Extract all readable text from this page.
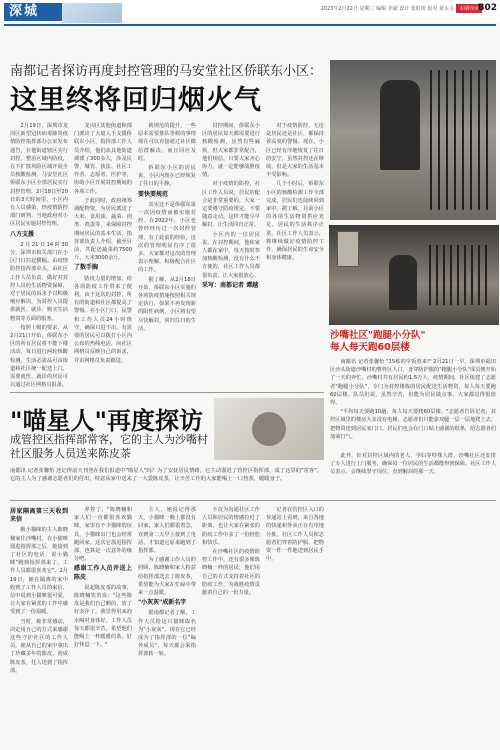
深城	2023年2月22日 星期三 编辑 李斌 设计 张虹雨 校对 黄永文 本期导读
B02
南都记者探访再度封控管理的马安堂社区侨联东小区：
这里终将回归烟火气

2月19日，深圳市龙岗区新型冠状病毒肺炎疫情防控指挥部办公室发布通告，在他街道辖区实行封控，整治区域内防疫，在不扩散风险区域开展全员核酸检测，马安堂社区侨联东小区全部居民实行封控管理。2月18日至20日的3天时间里，小区内有人员感染，经疫情防控部门研判，当地政府对小区居民实施封控管理。

八方支援

2月21日14时30分，深圳市相关部门在小区门口拉起横幅。由疫情防控指挥部牵头，由社区工作人员负责，做好对封控人员的生活物资保障，对于居民的诉求予以积极响应解决，为封控人员提供就医、就诊、购买生活物资等方面的服务。

按照上级的要求，从2月21日开始，侨联东小区的所有居民将不能下楼活动，每日进行两轮核酸检测，生活必需品可由街道和社区统一配送上门，需要就医、就诊的居民可以通过社区网格员报备。

龙岗区其他街道和部门派出了大量人手支援侨联东小区，指挥部工作人员介绍，他们从其他街道调派了300多人，涉及民警、城管、执法、社区工作者、志愿者、医护等，协助小区开展封控期间的各项工作。

于此同时，政府统筹调配物资，为居民派送了大米、食用油、蔬菜、肉类、鸡蛋等，来保障封控期间居民的基本生活。指挥部负责人介绍，截至目前，共配送蔬菜约7500斤、大米3000余斤。

了数手胸

防疫力量的增加，给各项防疫工作带来了便利。由于这次的封控，所有的街道和社区都提高了警惕。在小区门口，民警和工作人员24小时值守，确保只进不出，有需要的居民可以拨打小区内公布的热线电话，向社区网格员反映自己的诉求，并由网格员负责跟进。

就规范的提升，一些原本需要排队等候的事情现在可以直接通过社区微信群解决，而且回应及时。

侨联东小区的居民说，小区内现在已经恢复了往日的平静。

要快要规范

其实这不是侨联东第一次因疫情而被实施封控。在2022年，小区也曾经经历过一次封控管理，有了此前的经验，这次的管理明显有序了很多。大家都对这次的管理表示理解，积极配合社区的工作。

据了解，从2月18日开始，侨联东小区实施的各项防疫措施按照相关规定执行，如果不再发现新的阳性病例，小区将有望尽快解封，回归往日的生活。

封控期间，侨联东小区的居民每天都需要进行核酸检测，虽然有些麻烦，但大家都非常配合，他们相信，只要大家齐心协力，就一定能够战胜疫情。

对于疫情的防控，社区工作人员说，居民的配合是非常重要的，大家一定要遵守防疫规定，不要随意走动，这样才能尽早解封，让生活回归正常。

小区内的一位居民说，在封控期间，他和家人都在家中，每天按时参加核酸检测，没有什么不方便的，社区工作人员都很负责，让大家很放心。

采写：南都记者 谭越

对于疫情防控，无论是居民还是社区，都保持着高度的警惕。现在，小区已经有序地恢复了往日的安宁，虽然封控还在继续，但是大家的生活基本不受影响。

几个小时后，侨联东小区的核酸检测工作全部完成，居民们也陆续回到家中。据了解，目前小区的各项生活物资供应充足，居民的生活秩序正常。社区工作人员表示，将继续做好疫情防控工作，确保居民的生命安全和身体健康。

沙嘴社区"跑腿小分队"
每人每天跑60层楼

南都讯 记者张馨怡 "15栋的早饭放来!" 2月21日一早，深圳市福田区沙头街道沙嘴村的曹姓区人口，身穿防护服的"跑腿小分队"成员便开始了一天的奔忙。沙嘴村共有居民约1.5万人，疫情期间，社区组建了志愿者"跑腿小分队"，专门为封控楼栋的居民配送生活物资，每人每天要跑60层楼。队员们说，虽然辛苦，但能为居民做点事，大家都觉得很值得。

"平均每天要跑10趟，每人每天要爬60层楼。"志愿者告诉记者，封控区域里的楼房大多没有电梯，志愿者们只能靠双腿一层一层地爬上去，把物资送到居民家门口。居民们也会在门口贴上感谢的纸条，给志愿者们加油打气。

"喵星人"再度探访
成管控区指挥部常客，它的主人为沙嘴村社区服务人员送来陈皮茶
南都讯 记者张馨怡 还记得前天刊登在我们报道中"喵星人"吗？为了安抚居民情绪，它主动溜进了管控区指挥部，成了这里的"常客"。它的主人为了感谢志愿者们的付出，特意从家中送来了一大袋陈皮茶，让辛苦工作的大家能喝上一口热茶，暖暖身子。

居家隔离第三天收到来信

瞧小猫咪的主人陈晓楠家住沙嘴村，在小猫咪溜进指挥部之后，她接到了社区的电话，说小猫咪"跑到指挥部来了，工作人员都很喜欢它"。2月19日，她在隔离的家中收到了工作人员的来信，信中说到小猫咪很可爱，让大家在紧张的工作中感受到了一份温暖。

当时，她非常感动，决定用自己的方式来感谢这些守护社区的工作人员。她从自己的家中拿出了珍藏多年的陈皮，泡成陈皮茶，托人送到了指挥部。

养着了。"陈晓楠和家人们一直都很喜欢猫咪，家里有不少猫咪的玩具，小猫咪出门也会经常跑回家。这次它溜进指挥部，也算是一次意外的缘分吧。

感谢工作人员并送上陈皮

说起陈皮茶的故事，陈晓楠笑着说："这些陈皮是我们自己晒的，放了好多年了，我觉得用来泡水喝对身体好。工作人员每天都很辛苦，希望他们能喝上一杯暖暖的茶，好好休息一下。"

主人，她说记得那天，小猫咪一晚上都没有回家，家人们都很着急，直到第二天早上接到了电话，才知道它原来跑到了指挥部。

为了感谢工作人员的照顾，陈晓楠和家人特意给指挥部送去了陈皮茶，希望能为大家在忙碌中带来一点温暖。

"小灰灰"成新名字

据南都记者了解，工作人员给这只猫咪取名为"小灰灰"，现在它已经成为了指挥部的一位"编外成员"，每天都会来指挥部转一转。

不仅为沟通社区工作人员和居民的情感拉近了距离，也让大家在紧张的防疫工作中多了一份轻松和快乐。

在沙嘴社区的疫情防控工作中，还有很多像陈晓楠一样的居民，他们用自己的方式支持着社区的防疫工作，为战胜疫情贡献着自己的一份力量。

记者在管控区入口的快递站上看到，来自各地的快递和外卖正在有序地分拣，社区工作人员和志愿者们穿着防护服，把物资一件一件地送到居民手中。

此外，针对封控区域内的老人、孕妇等特殊人群，沙嘴社区还安排了专人进行上门服务，确保每一位居民的生活都能得到保障。社区工作人员表示，会继续坚守岗位，直到解封的那一天。
